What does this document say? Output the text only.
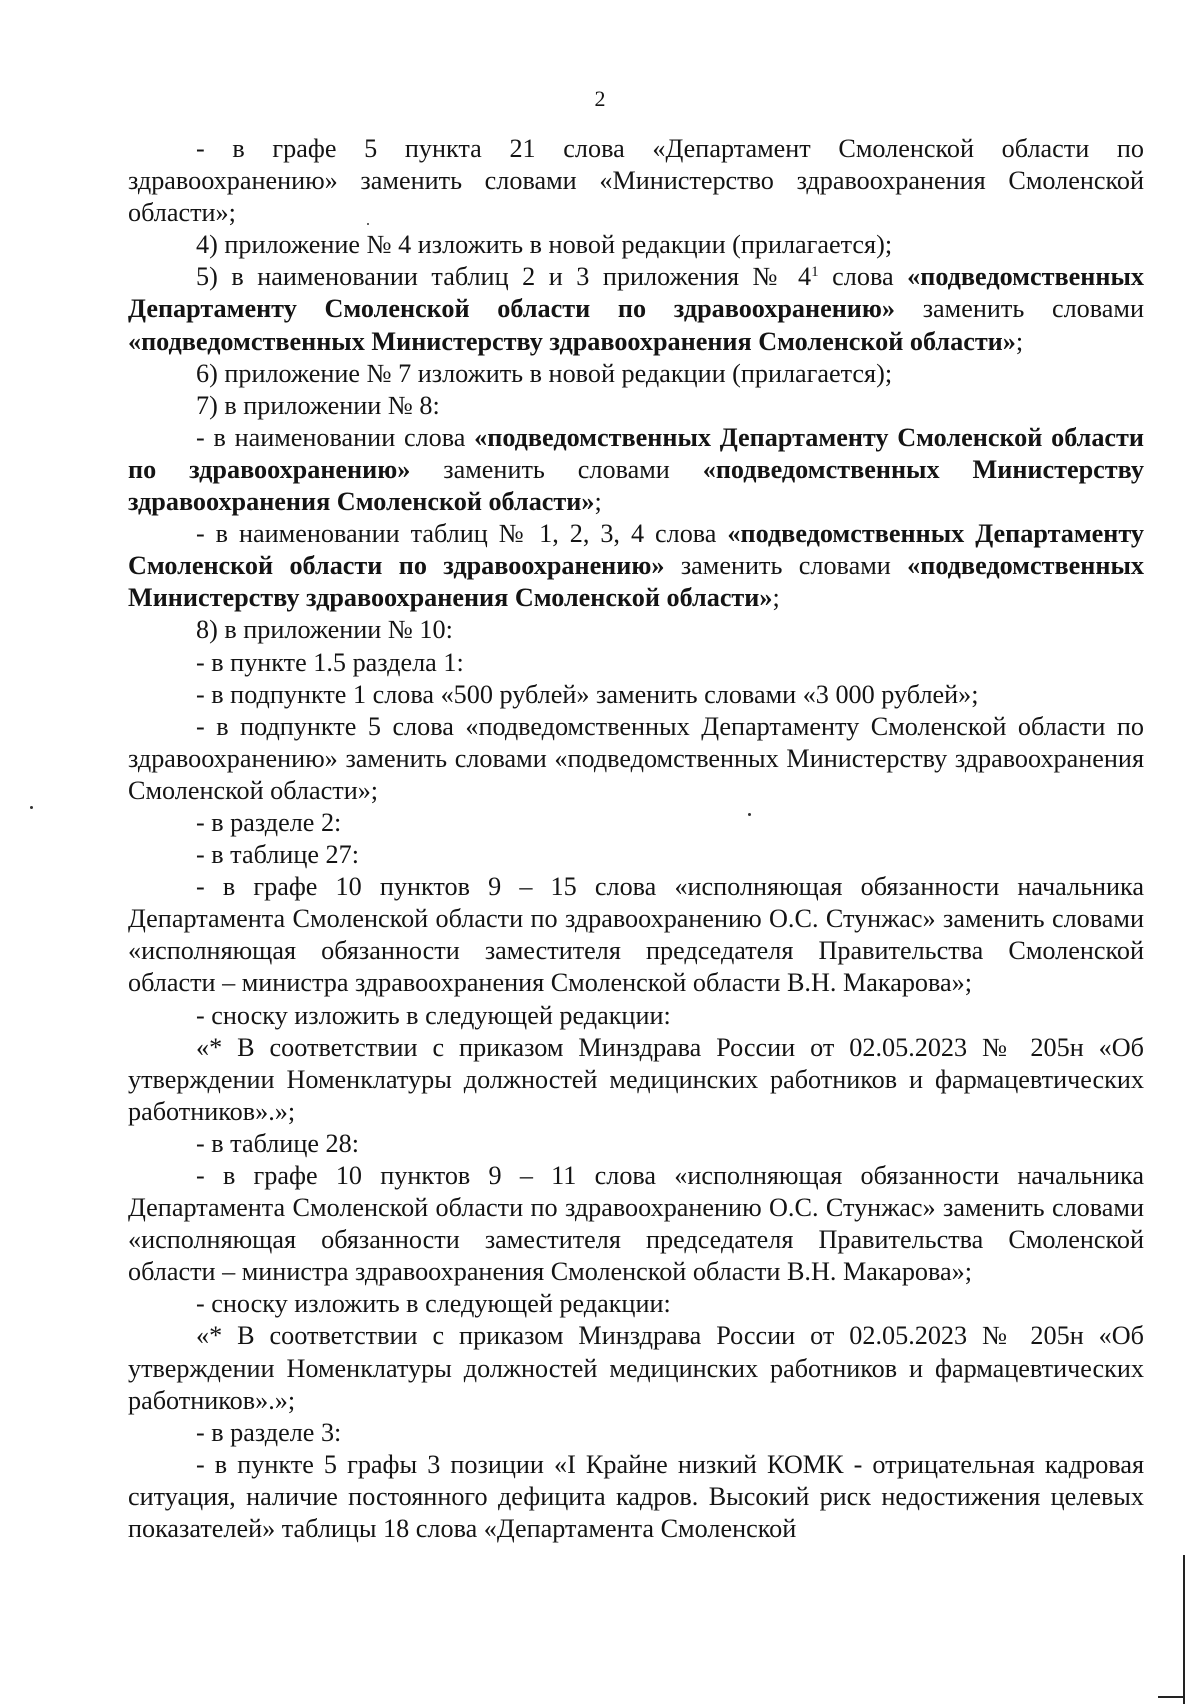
2

- в графе 5 пункта 21 слова «Департамент Смоленской области по здравоохранению» заменить словами «Министерство здравоохранения Смоленской области»;

4) приложение № 4 изложить в новой редакции (прилагается);

5) в наименовании таблиц 2 и 3 приложения № $4^1$ слова «подведомственных Департаменту Смоленской области по здравоохранению» заменить словами «подведомственных Министерству здравоохранения Смоленской области»;

6) приложение № 7 изложить в новой редакции (прилагается);

7) в приложении № 8:

- в наименовании слова «подведомственных Департаменту Смоленской области по здравоохранению» заменить словами «подведомственных Министерству здравоохранения Смоленской области»;

- в наименовании таблиц № 1, 2, 3, 4 слова «подведомственных Департаменту Смоленской области по здравоохранению» заменить словами «подведомственных Министерству здравоохранения Смоленской области»;

8) в приложении № 10:

- в пункте 1.5 раздела 1:

- в подпункте 1 слова «500 рублей» заменить словами «3 000 рублей»;

- в подпункте 5 слова «подведомственных Департаменту Смоленской области по здравоохранению» заменить словами «подведомственных Министерству здравоохранения Смоленской области»;

- в разделе 2:

- в таблице 27:

- в графе 10 пунктов 9 – 15 слова «исполняющая обязанности начальника Департамента Смоленской области по здравоохранению О.С. Стунжас» заменить словами «исполняющая обязанности заместителя председателя Правительства Смоленской области – министра здравоохранения Смоленской области В.Н. Макарова»;

- сноску изложить в следующей редакции:

«* В соответствии с приказом Минздрава России от 02.05.2023 № 205н «Об утверждении Номенклатуры должностей медицинских работников и фармацевтических работников».»;

- в таблице 28:

- в графе 10 пунктов 9 – 11 слова «исполняющая обязанности начальника Департамента Смоленской области по здравоохранению О.С. Стунжас» заменить словами «исполняющая обязанности заместителя председателя Правительства Смоленской области – министра здравоохранения Смоленской области В.Н. Макарова»;

- сноску изложить в следующей редакции:

«* В соответствии с приказом Минздрава России от 02.05.2023 № 205н «Об утверждении Номенклатуры должностей медицинских работников и фармацевтических работников».»;

- в разделе 3:

- в пункте 5 графы 3 позиции «I Крайне низкий КОМК - отрицательная кадровая ситуация, наличие постоянного дефицита кадров. Высокий риск недостижения целевых показателей» таблицы 18 слова «Департамента Смоленской
